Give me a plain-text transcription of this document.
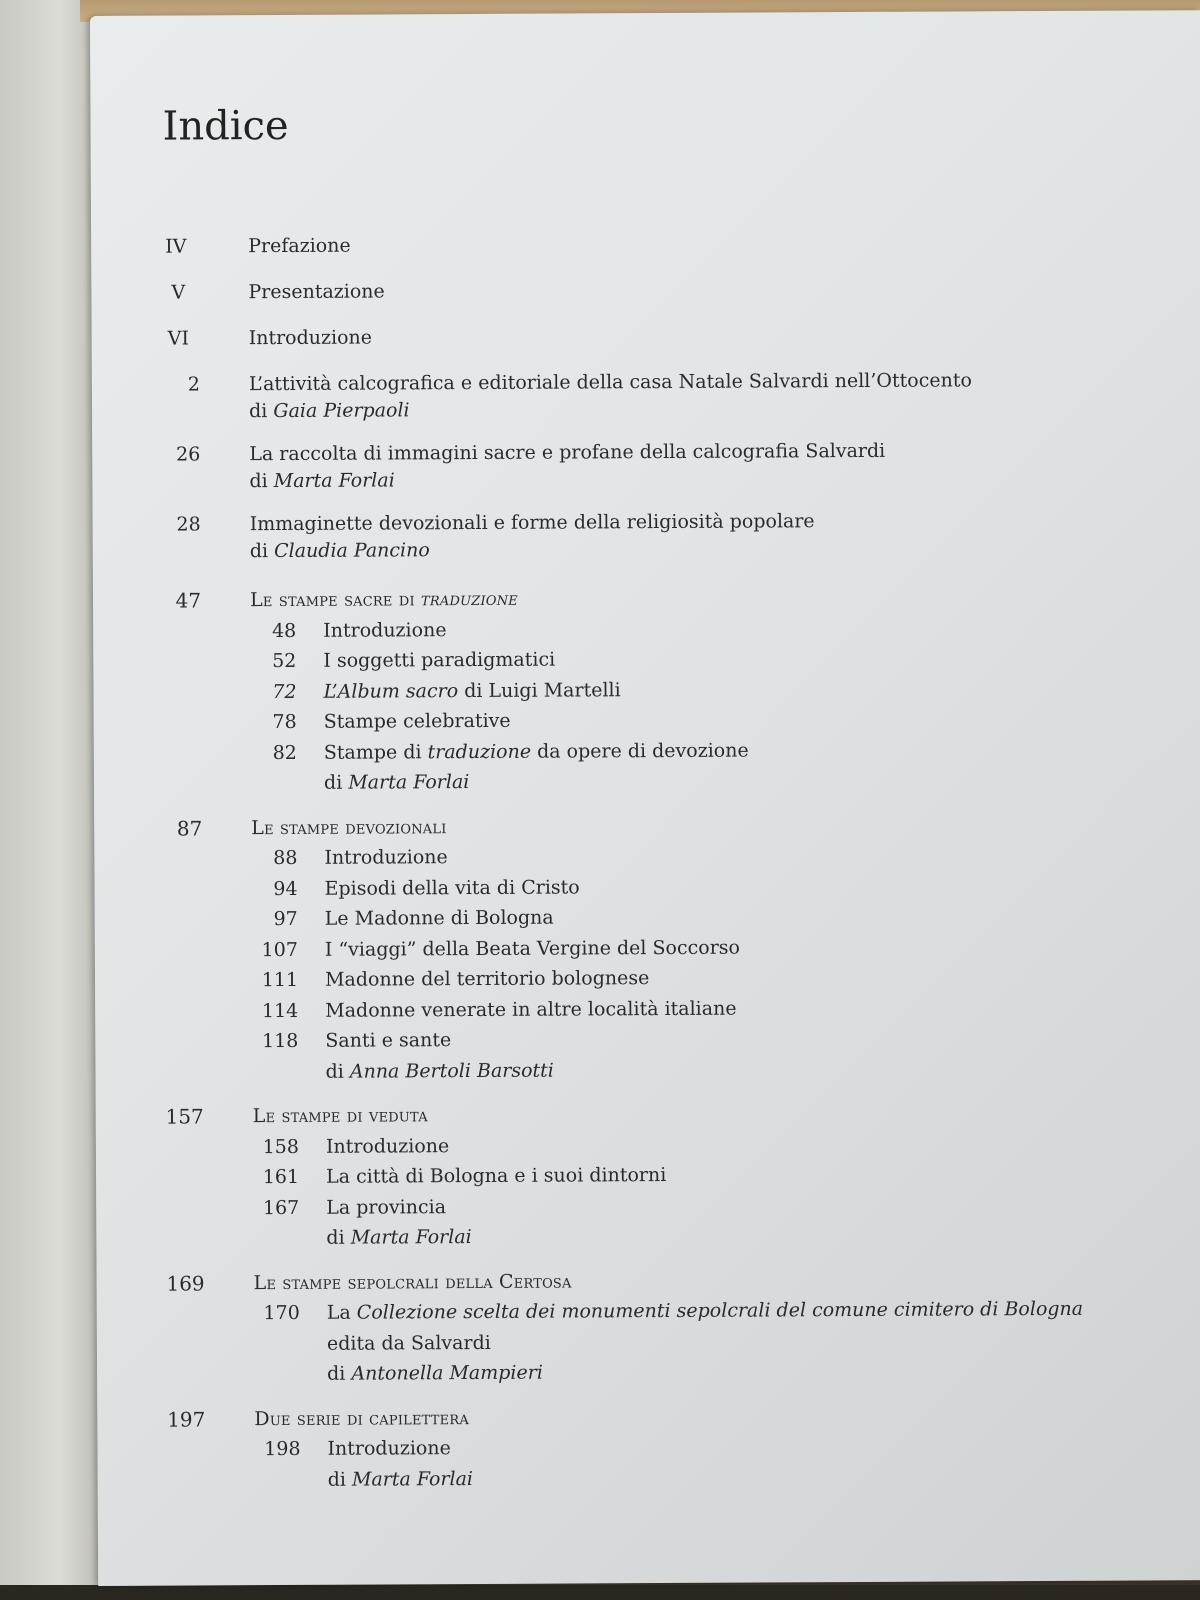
Indice
IV	Prefazione
V	Presentazione
VI	Introduzione
2	L’attività calcografica e editoriale della casa Natale Salvardi nell’Ottocento
di Gaia Pierpaoli
26	La raccolta di immagini sacre e profane della calcografia Salvardi
di Marta Forlai
28	Immaginette devozionali e forme della religiosità popolare
di Claudia Pancino
47	Le stampe sacre di traduzione
48 Introduzione
52 I soggetti paradigmatici
72 L’Album sacro di Luigi Martelli
78 Stampe celebrative
82 Stampe di traduzione da opere di devozione
di Marta Forlai
87	Le stampe devozionali
88 Introduzione
94 Episodi della vita di Cristo
97 Le Madonne di Bologna
107 I “viaggi” della Beata Vergine del Soccorso
111 Madonne del territorio bolognese
114 Madonne venerate in altre località italiane
118 Santi e sante
di Anna Bertoli Barsotti
157	Le stampe di veduta
158 Introduzione
161 La città di Bologna e i suoi dintorni
167 La provincia
di Marta Forlai
169	Le stampe sepolcrali della Certosa
170 La Collezione scelta dei monumenti sepolcrali del comune cimitero di Bologna
edita da Salvardi
di Antonella Mampieri
197	Due serie di capilettera
198 Introduzione
di Marta Forlai
